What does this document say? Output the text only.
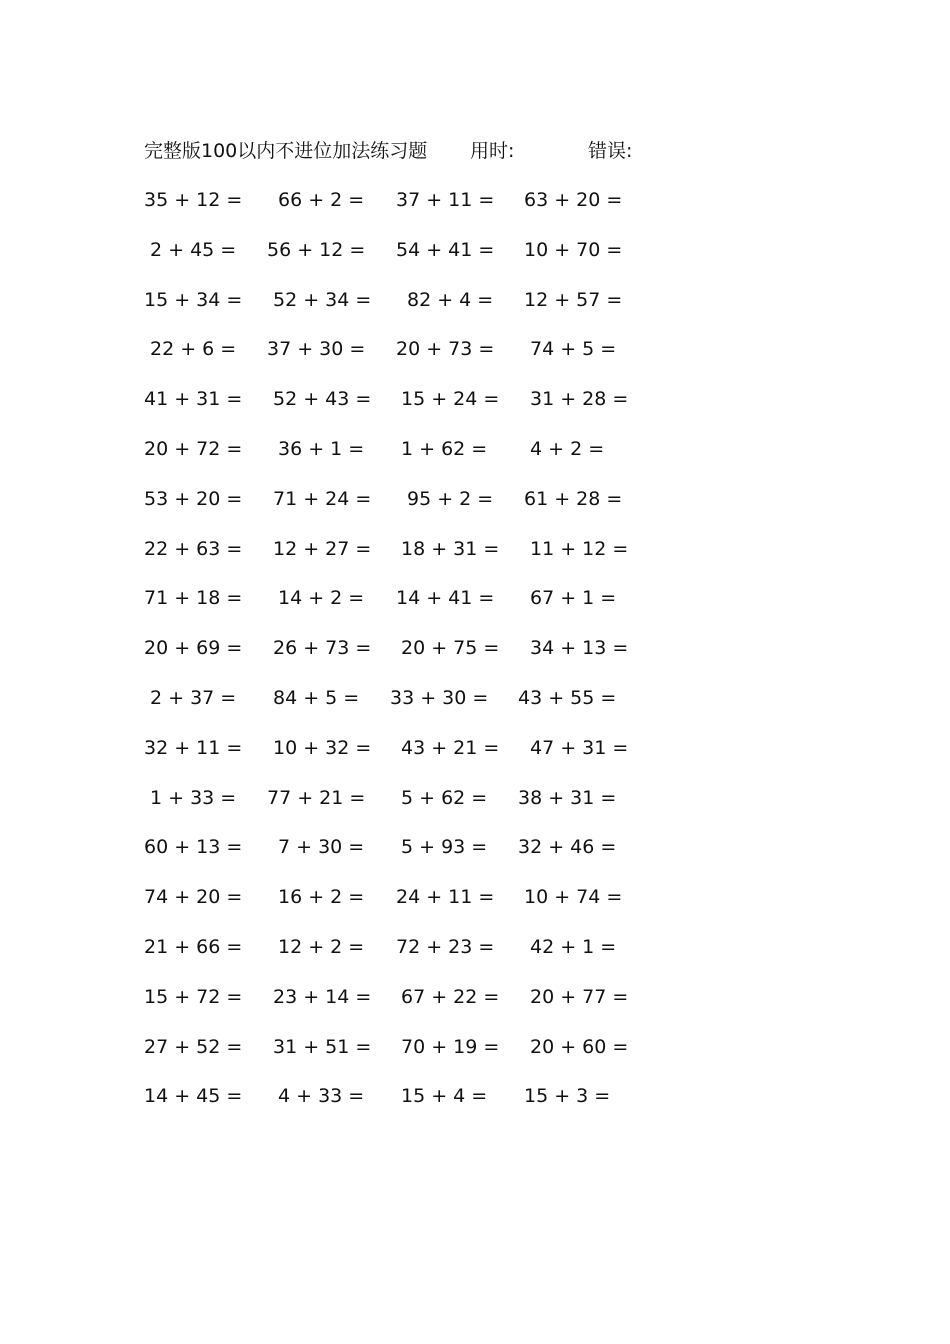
完整版100以内不进位加法练习题 用时:	错误:
35 + 12 = 66 + 2 = 37 + 11 = 63 + 20 =
2 + 45 = 56 + 12 = 54 + 41 = 10 + 70 =
15 + 34 = 52 + 34 = 82 + 4 = 12 + 57 =
22 + 6 = 37 + 30 = 20 + 73 = 74 + 5 =
41 + 31 = 52 + 43 = 15 + 24 = 31 + 28 =
20 + 72 = 36 + 1 = 1 + 62 = 4 + 2 =
53 + 20 = 71 + 24 = 95 + 2 = 61 + 28 =
22 + 63 = 12 + 27 = 18 + 31 = 11 + 12 =
71 + 18 = 14 + 2 = 14 + 41 = 67 + 1 =
20 + 69 = 26 + 73 = 20 + 75 = 34 + 13 =
2 + 37 = 84 + 5 = 33 + 30 = 43 + 55 =
32 + 11 = 10 + 32 = 43 + 21 = 47 + 31 =
1 + 33 = 77 + 21 = 5 + 62 = 38 + 31 =
60 + 13 = 7 + 30 = 5 + 93 = 32 + 46 =
74 + 20 = 16 + 2 = 24 + 11 = 10 + 74 =
21 + 66 = 12 + 2 = 72 + 23 = 42 + 1 =
15 + 72 = 23 + 14 = 67 + 22 = 20 + 77 =
27 + 52 = 31 + 51 = 70 + 19 = 20 + 60 =
14 + 45 = 4 + 33 = 15 + 4 = 15 + 3 =
